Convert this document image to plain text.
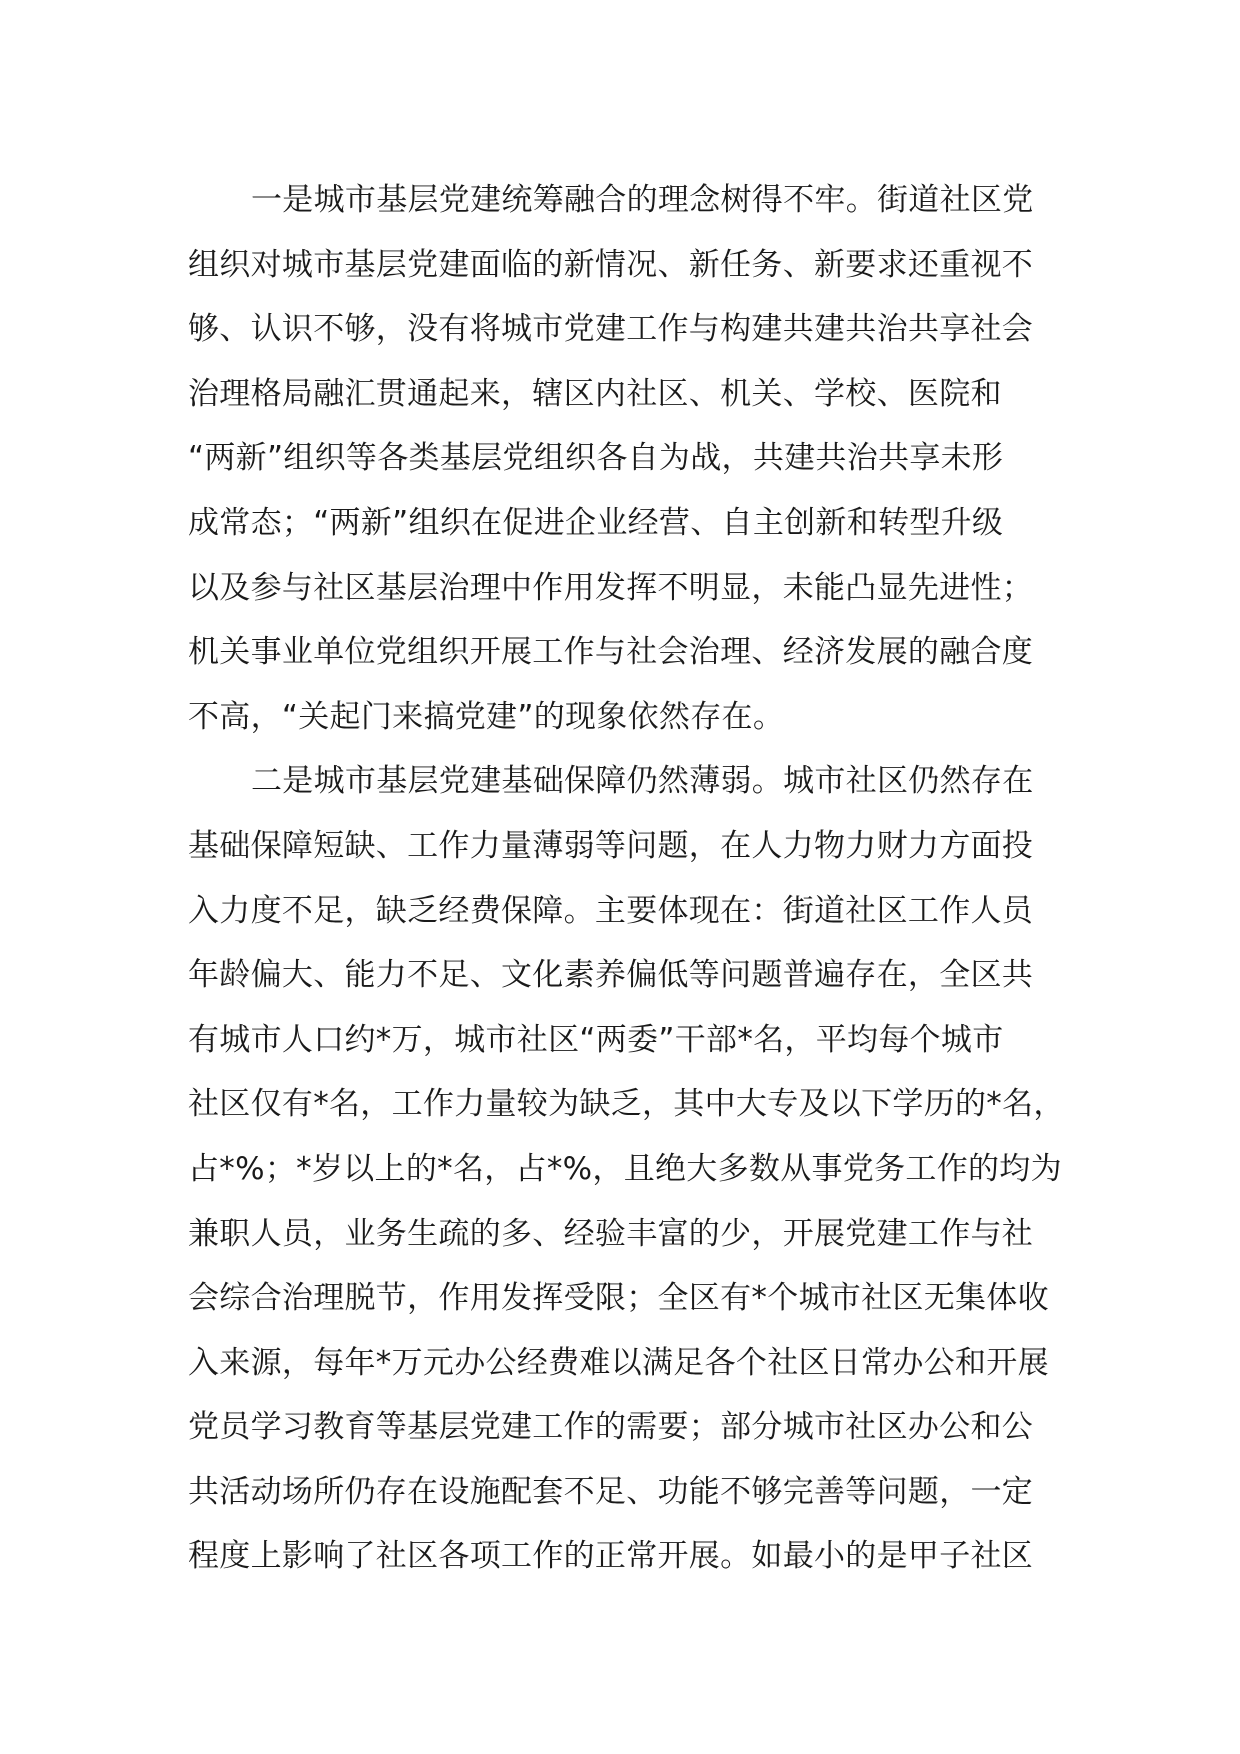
一是城市基层党建统筹融合的理念树得不牢。街道社区党
组织对城市基层党建面临的新情况、新任务、新要求还重视不
够、认识不够，没有将城市党建工作与构建共建共治共享社会
治理格局融汇贯通起来，辖区内社区、机关、学校、医院和
“两新”组织等各类基层党组织各自为战，共建共治共享未形
成常态；“两新”组织在促进企业经营、自主创新和转型升级
以及参与社区基层治理中作用发挥不明显，未能凸显先进性；
机关事业单位党组织开展工作与社会治理、经济发展的融合度
不高，“关起门来搞党建”的现象依然存在。
二是城市基层党建基础保障仍然薄弱。城市社区仍然存在
基础保障短缺、工作力量薄弱等问题，在人力物力财力方面投
入力度不足，缺乏经费保障。主要体现在：街道社区工作人员
年龄偏大、能力不足、文化素养偏低等问题普遍存在，全区共
有城市人口约*万，城市社区“两委”干部*名，平均每个城市
社区仅有*名，工作力量较为缺乏，其中大专及以下学历的*名，
占*%；*岁以上的*名，占*%，且绝大多数从事党务工作的均为
兼职人员，业务生疏的多、经验丰富的少，开展党建工作与社
会综合治理脱节，作用发挥受限；全区有*个城市社区无集体收
入来源，每年*万元办公经费难以满足各个社区日常办公和开展
党员学习教育等基层党建工作的需要；部分城市社区办公和公
共活动场所仍存在设施配套不足、功能不够完善等问题，一定
程度上影响了社区各项工作的正常开展。如最小的是甲子社区
